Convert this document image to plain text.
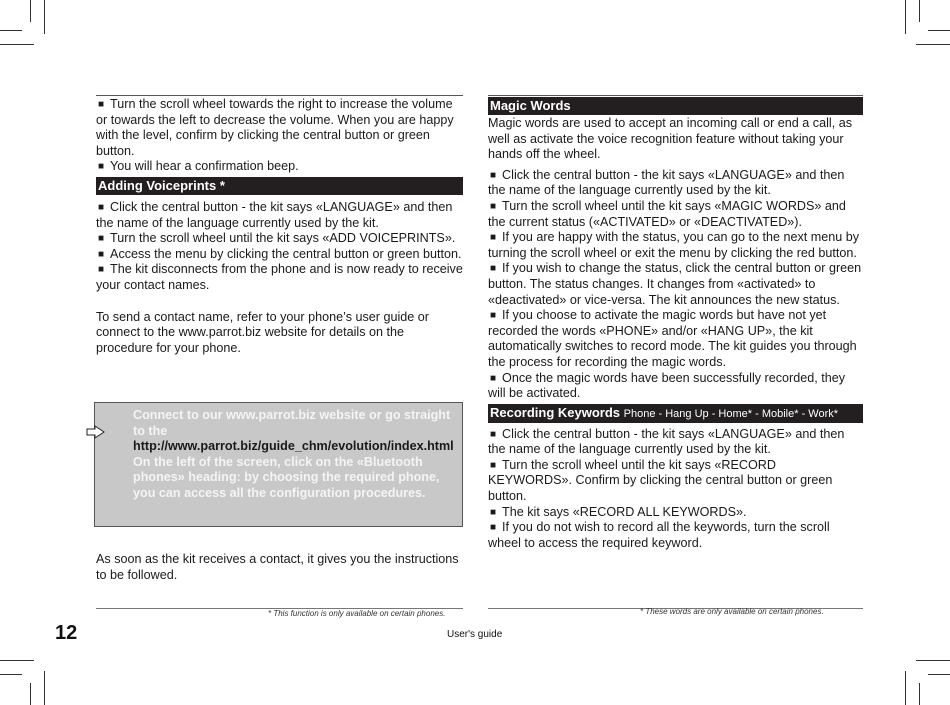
■ Turn the scroll wheel towards the right to increase the volume or towards the left to decrease the volume. When you are happy with the level, confirm by clicking the central button or green button.

■ You will hear a confirmation beep.

Adding Voiceprints *

■ Click the central button - the kit says «LANGUAGE» and then the name of the language currently used by the kit.

■ Turn the scroll wheel until the kit says «ADD VOICEPRINTS».

■ Access the menu by clicking the central button or green button.

■ The kit disconnects from the phone and is now ready to receive your contact names.

To send a contact name, refer to your phone’s user guide or connect to the www.parrot.biz website for details on the procedure for your phone.

Connect to our www.parrot.biz website or go straight to the http://www.parrot.biz/guide_chm/evolution/index.html
On the left of the screen, click on the «Bluetooth phones» heading: by choosing the required phone, you can access all the configuration procedures.
As soon as the kit receives a contact, it gives you the instructions to be followed.
Magic Words

Magic words are used to accept an incoming call or end a call, as well as activate the voice recognition feature without taking your hands off the wheel.

■ Click the central button - the kit says «LANGUAGE» and then the name of the language currently used by the kit.

■ Turn the scroll wheel until the kit says «MAGIC WORDS» and the current status («ACTIVATED» or «DEACTIVATED»).

■ If you are happy with the status, you can go to the next menu by turning the scroll wheel or exit the menu by clicking the red button.

■ If you wish to change the status, click the central button or green button. The status changes. It changes from «activated» to «deactivated» or vice-versa. The kit announces the new status.

■ If you choose to activate the magic words but have not yet recorded the words «PHONE» and/or «HANG UP», the kit automatically switches to record mode. The kit guides you through the process for recording the magic words.

■ Once the magic words have been successfully recorded, they will be activated.

Recording Keywords Phone - Hang Up - Home* - Mobile* - Work*

■ Click the central button - the kit says «LANGUAGE» and then the name of the language currently used by the kit.

■ Turn the scroll wheel until the kit says «RECORD KEYWORDS». Confirm by clicking the central button or green button.

■ The kit says «RECORD ALL KEYWORDS».

■ If you do not wish to record all the keywords, turn the scroll wheel to access the required keyword.

* This function is only available on certain phones.	* These words are only available on certain phones.
12	User's guide
